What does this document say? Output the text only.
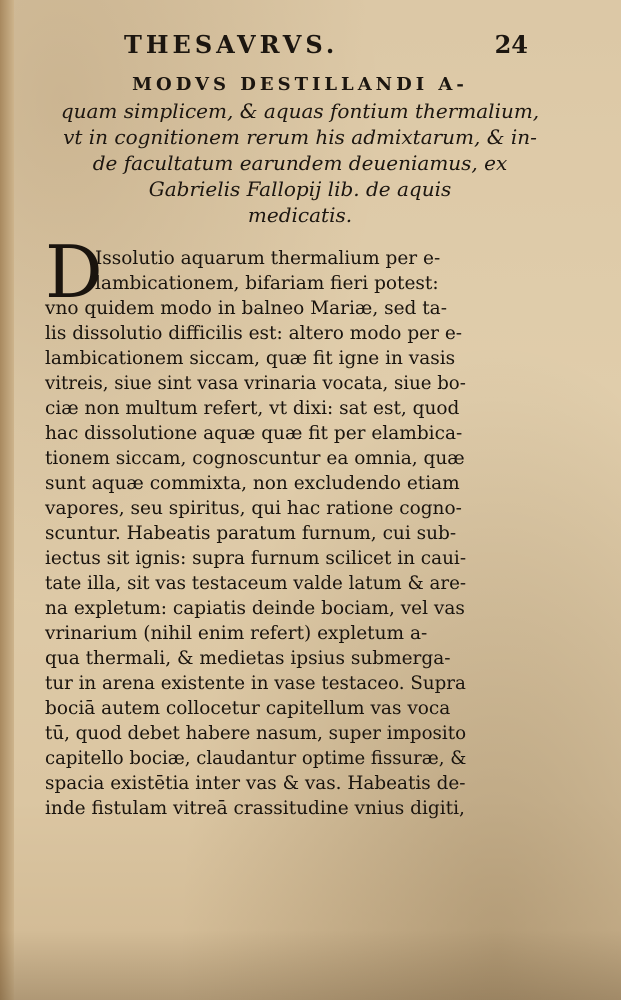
THESAVRVS.	24
MODVS DESTILLANDI A-
quam simplicem, & aquas fontium thermalium,
vt in cognitionem rerum his admixtarum, & in-
de facultatum earundem deueniamus, ex
Gabrielis Fallopij lib. de aquis
medicatis.
D
Issolutio aquarum thermalium per e-
lambicationem, bifariam fieri potest:
vno quidem modo in balneo Mariæ, sed ta-
lis dissolutio difficilis est: altero modo per e-
lambicationem siccam, quæ fit igne in vasis
vitreis, siue sint vasa vrinaria vocata, siue bo-
ciæ non multum refert, vt dixi: sat est, quod
hac dissolutione aquæ quæ fit per elambica-
tionem siccam, cognoscuntur ea omnia, quæ
sunt aquæ commixta, non excludendo etiam
vapores, seu spiritus, qui hac ratione cogno-
scuntur. Habeatis paratum furnum, cui sub-
iectus sit ignis: supra furnum scilicet in caui-
tate illa, sit vas testaceum valde latum & are-
na expletum: capiatis deinde bociam, vel vas
vrinarium (nihil enim refert) expletum a-
qua thermali, & medietas ipsius submerga-
tur in arena existente in vase testaceo. Supra
bociā autem collocetur capitellum vas voca
tū, quod debet habere nasum, super imposito
capitello bociæ, claudantur optime fissuræ, &
spacia existētia inter vas & vas. Habeatis de-
inde fistulam vitreā crassitudine vnius digiti,
